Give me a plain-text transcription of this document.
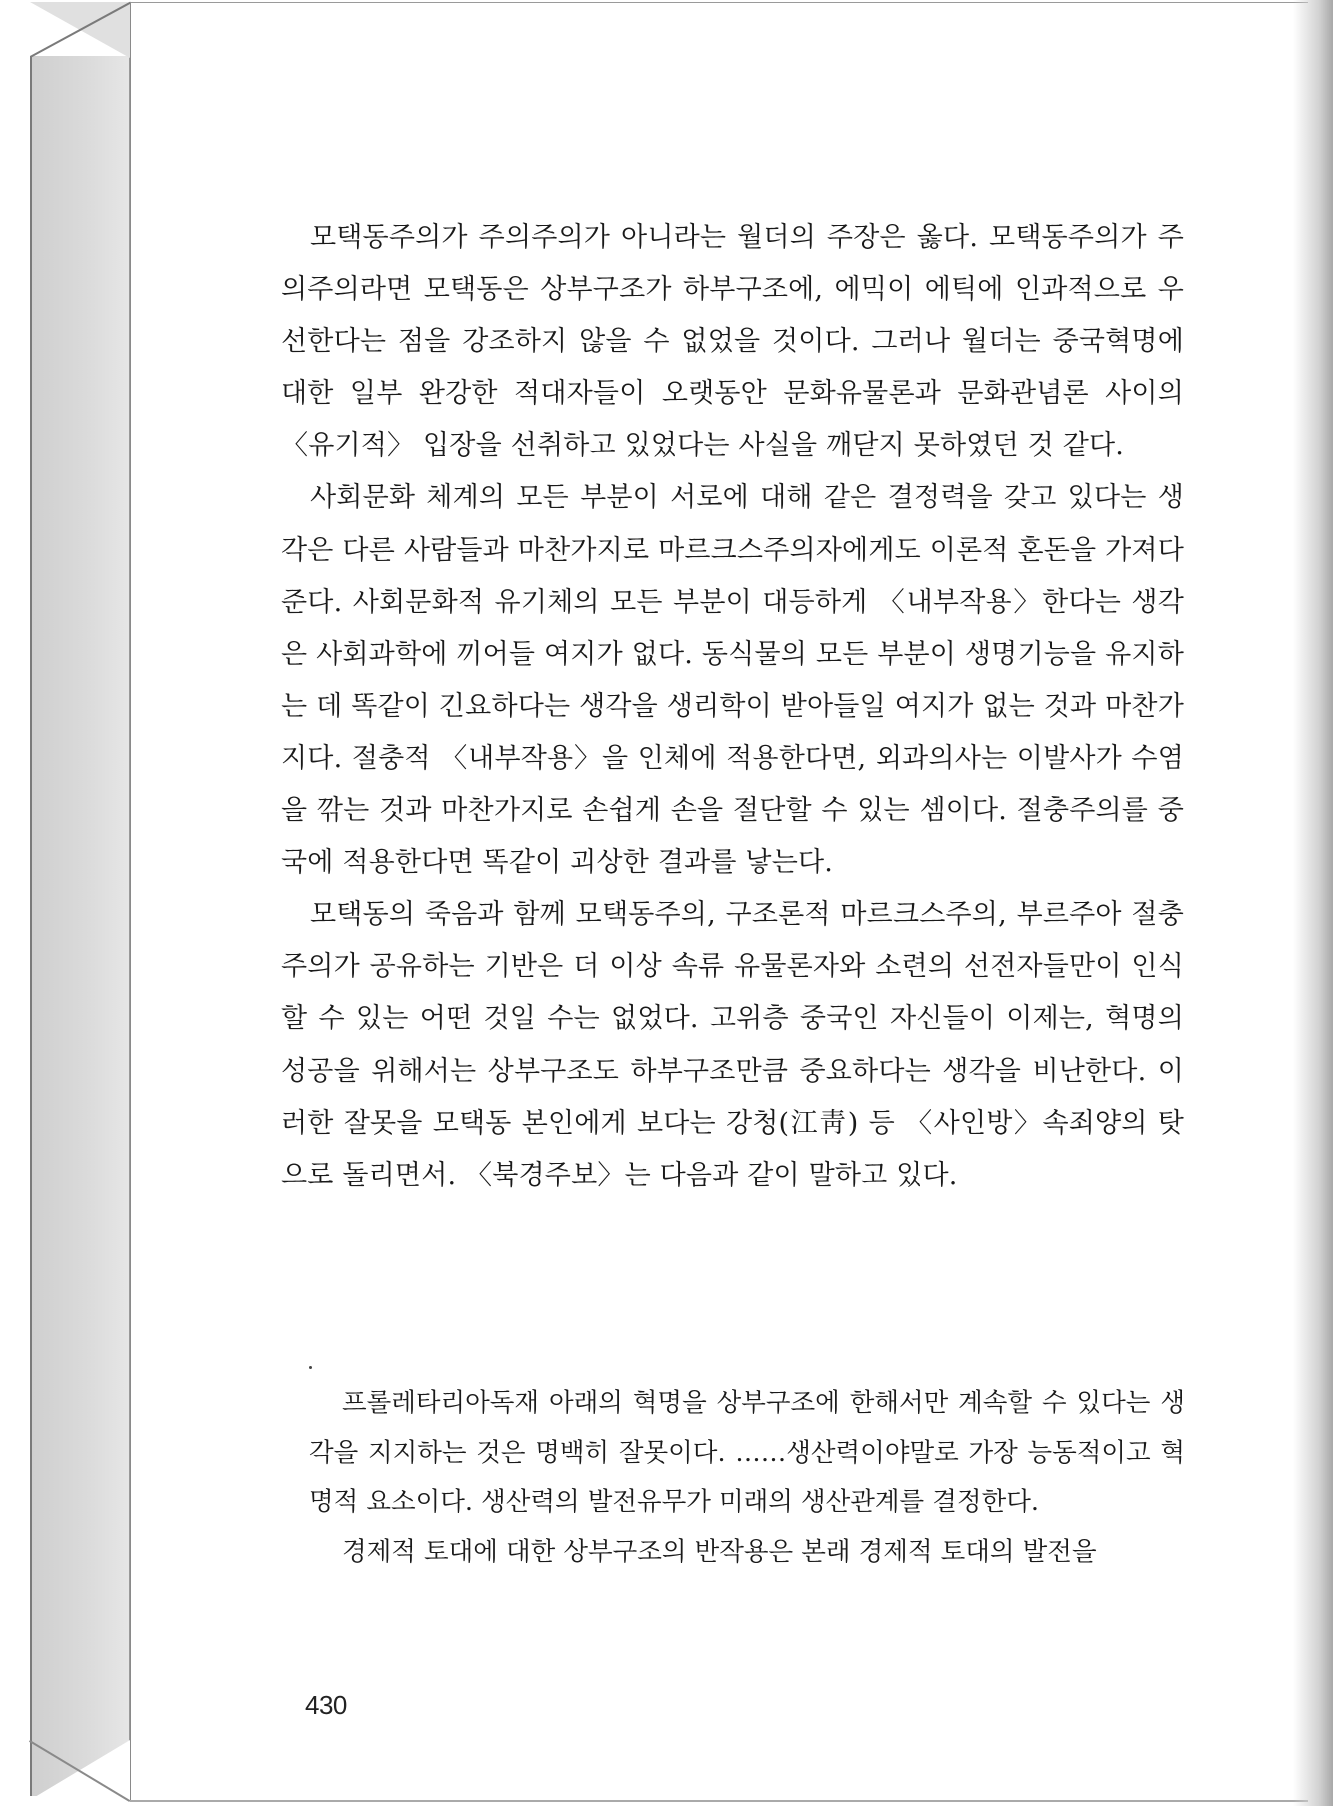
모택동주의가 주의주의가 아니라는 월더의 주장은 옳다. 모택동주의가 주의주의라면 모택동은 상부구조가 하부구조에, 에믹이 에틱에 인과적으로 우선한다는 점을 강조하지 않을 수 없었을 것이다. 그러나 월더는 중국혁명에 대한 일부 완강한 적대자들이 오랫동안 문화유물론과 문화관념론 사이의 〈유기적〉 입장을 선취하고 있었다는 사실을 깨닫지 못하였던 것 같다.

사회문화 체계의 모든 부분이 서로에 대해 같은 결정력을 갖고 있다는 생각은 다른 사람들과 마찬가지로 마르크스주의자에게도 이론적 혼돈을 가져다 준다. 사회문화적 유기체의 모든 부분이 대등하게 〈내부작용〉한다는 생각은 사회과학에 끼어들 여지가 없다. 동식물의 모든 부분이 생명기능을 유지하는 데 똑같이 긴요하다는 생각을 생리학이 받아들일 여지가 없는 것과 마찬가지다. 절충적 〈내부작용〉을 인체에 적용한다면, 외과의사는 이발사가 수염을 깎는 것과 마찬가지로 손쉽게 손을 절단할 수 있는 셈이다. 절충주의를 중국에 적용한다면 똑같이 괴상한 결과를 낳는다.

모택동의 죽음과 함께 모택동주의, 구조론적 마르크스주의, 부르주아 절충주의가 공유하는 기반은 더 이상 속류 유물론자와 소련의 선전자들만이 인식할 수 있는 어떤 것일 수는 없었다. 고위층 중국인 자신들이 이제는, 혁명의 성공을 위해서는 상부구조도 하부구조만큼 중요하다는 생각을 비난한다. 이러한 잘못을 모택동 본인에게 보다는 강청(江靑) 등 〈사인방〉속죄양의 탓으로 돌리면서. 〈북경주보〉는 다음과 같이 말하고 있다.

프롤레타리아독재 아래의 혁명을 상부구조에 한해서만 계속할 수 있다는 생각을 지지하는 것은 명백히 잘못이다. ……생산력이야말로 가장 능동적이고 혁명적 요소이다. 생산력의 발전유무가 미래의 생산관계를 결정한다.

경제적 토대에 대한 상부구조의 반작용은 본래 경제적 토대의 발전을

430
